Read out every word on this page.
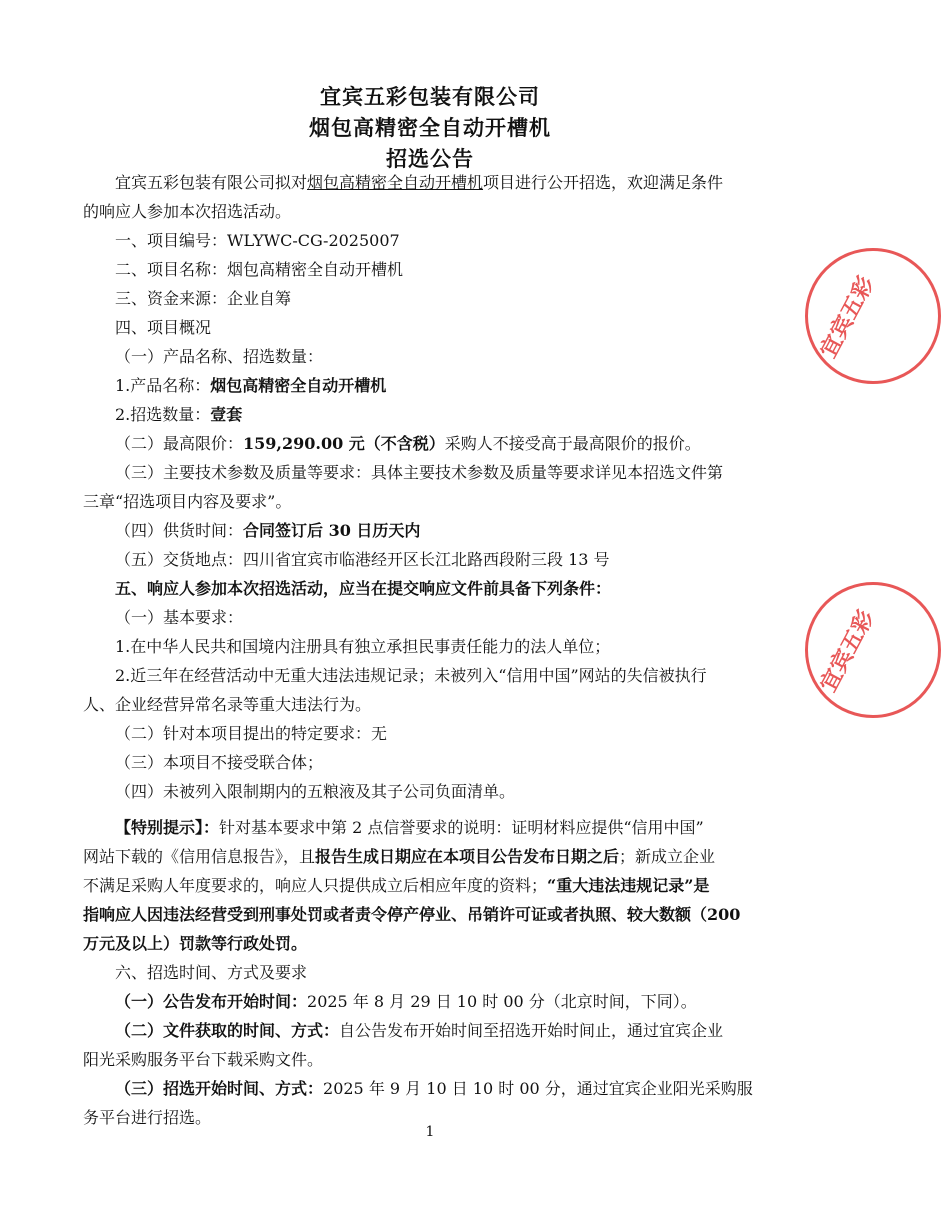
宜宾五彩包装有限公司
烟包高精密全自动开槽机
招选公告
宜宾五彩包装有限公司拟对烟包高精密全自动开槽机项目进行公开招选，欢迎满足条件
的响应人参加本次招选活动。
一、项目编号：WLYWC-CG-2025007
二、项目名称：烟包高精密全自动开槽机
三、资金来源：企业自筹
四、项目概况
（一）产品名称、招选数量：
1.产品名称：烟包高精密全自动开槽机
2.招选数量：壹套
（二）最高限价：159,290.00 元（不含税）采购人不接受高于最高限价的报价。
（三）主要技术参数及质量等要求：具体主要技术参数及质量等要求详见本招选文件第
三章“招选项目内容及要求”。
（四）供货时间：合同签订后 30 日历天内
（五）交货地点：四川省宜宾市临港经开区长江北路西段附三段 13 号
五、响应人参加本次招选活动，应当在提交响应文件前具备下列条件：
（一）基本要求：
1.在中华人民共和国境内注册具有独立承担民事责任能力的法人单位；
2.近三年在经营活动中无重大违法违规记录；未被列入“信用中国”网站的失信被执行
人、企业经营异常名录等重大违法行为。
（二）针对本项目提出的特定要求：无
（三）本项目不接受联合体；
（四）未被列入限制期内的五粮液及其子公司负面清单。
【特别提示】：针对基本要求中第 2 点信誉要求的说明：证明材料应提供“信用中国”
网站下载的《信用信息报告》，且报告生成日期应在本项目公告发布日期之后；新成立企业
不满足采购人年度要求的，响应人只提供成立后相应年度的资料；“重大违法违规记录”是
指响应人因违法经营受到刑事处罚或者责令停产停业、吊销许可证或者执照、较大数额（200
万元及以上）罚款等行政处罚。
六、招选时间、方式及要求
（一）公告发布开始时间：2025 年 8 月 29 日 10 时 00 分（北京时间，下同）。
（二）文件获取的时间、方式：自公告发布开始时间至招选开始时间止，通过宜宾企业
阳光采购服务平台下载采购文件。
（三）招选开始时间、方式：2025 年 9 月 10 日 10 时 00 分，通过宜宾企业阳光采购服
务平台进行招选。
1
宜宾五彩
宜宾五彩
